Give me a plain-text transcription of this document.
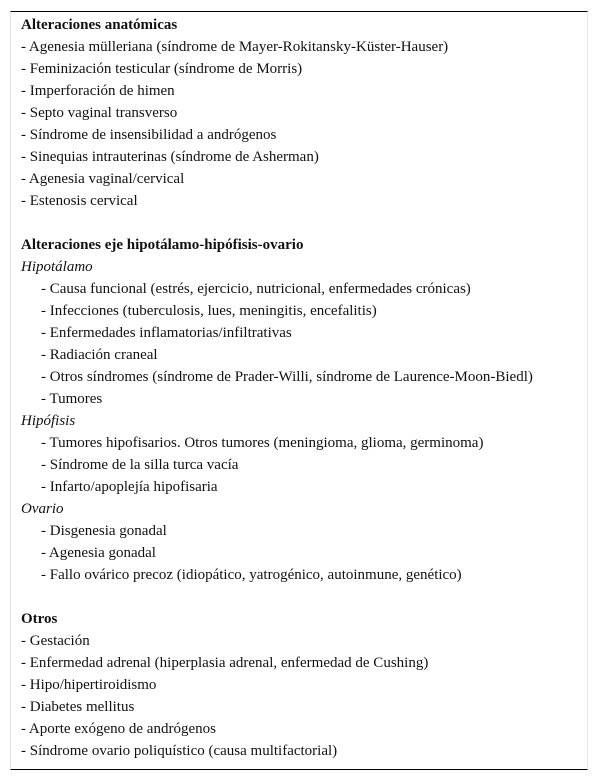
Alteraciones anatómicas
- Agenesia mülleriana (síndrome de Mayer-Rokitansky-Küster-Hauser)
- Feminización testicular (síndrome de Morris)
- Imperforación de himen
- Septo vaginal transverso
- Síndrome de insensibilidad a andrógenos
- Sinequias intrauterinas (síndrome de Asherman)
- Agenesia vaginal/cervical
- Estenosis cervical
Alteraciones eje hipotálamo-hipófisis-ovario
Hipotálamo
- Causa funcional (estrés, ejercicio, nutricional, enfermedades crónicas)
- Infecciones (tuberculosis, lues, meningitis, encefalitis)
- Enfermedades inflamatorias/infiltrativas
- Radiación craneal
- Otros síndromes (síndrome de Prader-Willi, síndrome de Laurence-Moon-Biedl)
- Tumores
Hipófisis
- Tumores hipofisarios. Otros tumores (meningioma, glioma, germinoma)
- Síndrome de la silla turca vacía
- Infarto/apoplejía hipofisaria
Ovario
- Disgenesia gonadal
- Agenesia gonadal
- Fallo ovárico precoz (idiopático, yatrogénico, autoinmune, genético)
Otros
- Gestación
- Enfermedad adrenal (hiperplasia adrenal, enfermedad de Cushing)
- Hipo/hipertiroidismo
- Diabetes mellitus
- Aporte exógeno de andrógenos
- Síndrome ovario poliquístico (causa multifactorial)
